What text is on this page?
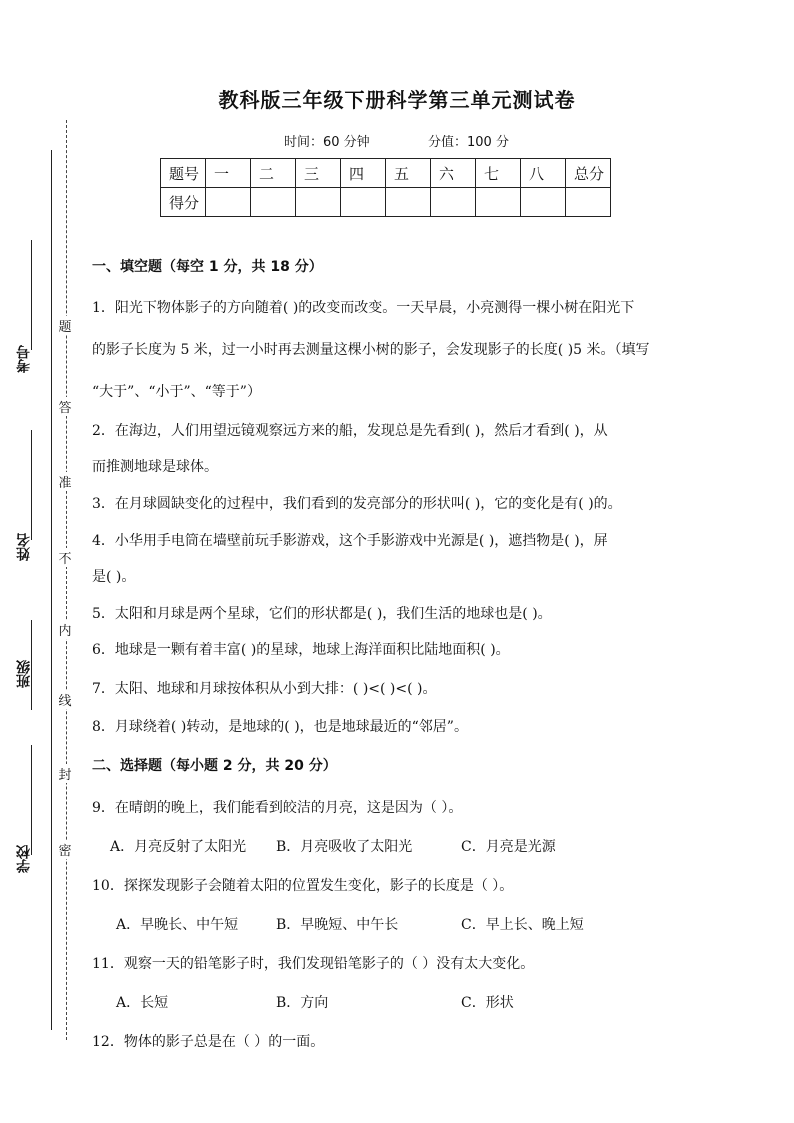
考号
姓名
班级
学校
题
答
准
不
内
线
封
密
教科版三年级下册科学第三单元测试卷
时间：60 分钟	分值：100 分
题号	一	二	三	四	五	六	七	八	总分
得分									
一、填空题（每空 1 分，共 18 分）
1．阳光下物体影子的方向随着( )的改变而改变。一天早晨，小亮测得一棵小树在阳光下
的影子长度为 5 米，过一小时再去测量这棵小树的影子，会发现影子的长度( )5 米。（填写
“大于”、“小于”、“等于”）
2．在海边，人们用望远镜观察远方来的船，发现总是先看到( )，然后才看到( )，从
而推测地球是球体。
3．在月球圆缺变化的过程中，我们看到的发亮部分的形状叫( )，它的变化是有( )的。
4．小华用手电筒在墙壁前玩手影游戏，这个手影游戏中光源是( )，遮挡物是( )，屏
是( )。
5．太阳和月球是两个星球，它们的形状都是( )，我们生活的地球也是( )。
6．地球是一颗有着丰富( )的星球，地球上海洋面积比陆地面积( )。
7．太阳、地球和月球按体积从小到大排：( )<( )<( )。
8．月球绕着( )转动，是地球的( )，也是地球最近的“邻居”。
二、选择题（每小题 2 分，共 20 分）
9．在晴朗的晚上，我们能看到皎洁的月亮，这是因为（ ）。
A．月亮反射了太阳光 B．月亮吸收了太阳光	C．月亮是光源
10．探探发现影子会随着太阳的位置发生变化，影子的长度是（ ）。
A．早晚长、中午短	B．早晚短、中午长	C．早上长、晚上短
11．观察一天的铅笔影子时，我们发现铅笔影子的（ ）没有太大变化。
A．长短	B．方向	C．形状
12．物体的影子总是在（ ）的一面。
